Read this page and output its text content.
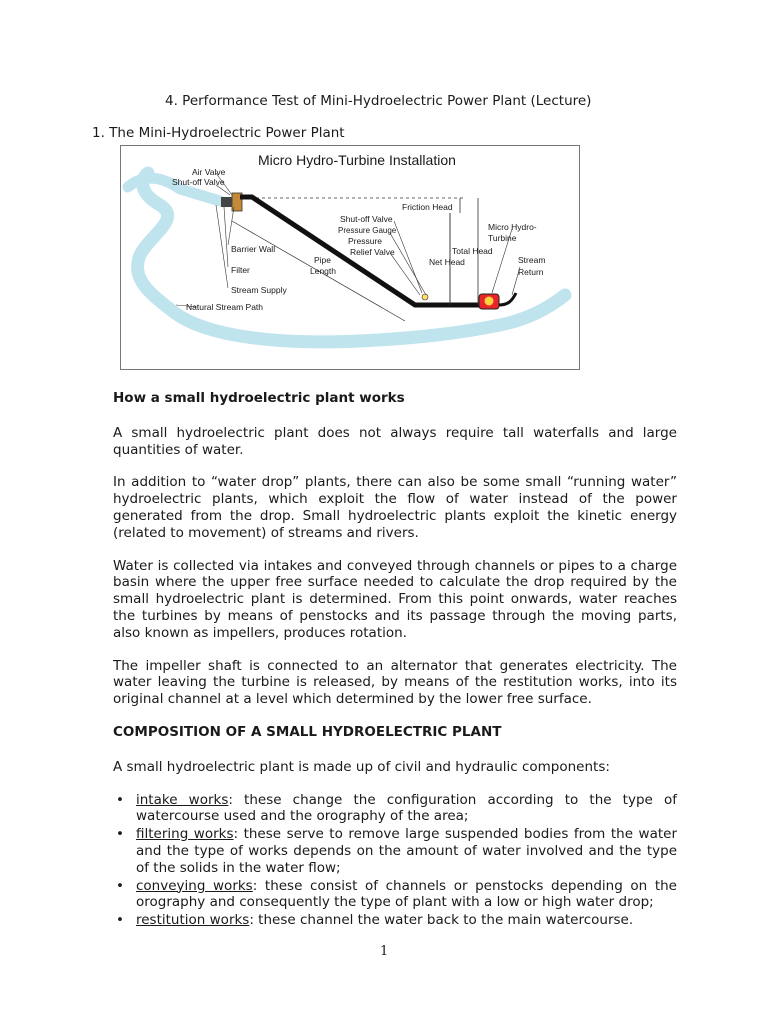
4. Performance Test of Mini-Hydroelectric Power Plant (Lecture)
1. The Mini-Hydroelectric Power Plant
Micro Hydro-Turbine Installation
Air Valve
Shut-off Valve
Barrier Wall
Filter
Stream Supply
Natural Stream Path
Pipe
Length
Shut-off Valve
Pressure Gauge
Pressure
Relief Valve
Friction Head
Total Head
Net Head
Micro Hydro-
Turbine
Stream
Return
How a small hydroelectric plant works

A small hydroelectric plant does not always require tall waterfalls and large quantities of water.

In addition to “water drop” plants, there can also be some small “running water” hydroelectric plants, which exploit the flow of water instead of the power generated from the drop. Small hydroelectric plants exploit the kinetic energy (related to movement) of streams and rivers.

Water is collected via intakes and conveyed through channels or pipes to a charge basin where the upper free surface needed to calculate the drop required by the small hydroelectric plant is determined. From this point onwards, water reaches the turbines by means of penstocks and its passage through the moving parts, also known as impellers, produces rotation.

The impeller shaft is connected to an alternator that generates electricity. The water leaving the turbine is released, by means of the restitution works, into its original channel at a level which determined by the lower free surface.

COMPOSITION OF A SMALL HYDROELECTRIC PLANT

A small hydroelectric plant is made up of civil and hydraulic components:

• intake works: these change the configuration according to the type of watercourse used and the orography of the area;
• filtering works: these serve to remove large suspended bodies from the water and the type of works depends on the amount of water involved and the type of the solids in the water flow;
• conveying works: these consist of channels or penstocks depending on the orography and consequently the type of plant with a low or high water drop;
• restitution works: these channel the water back to the main watercourse.
1
